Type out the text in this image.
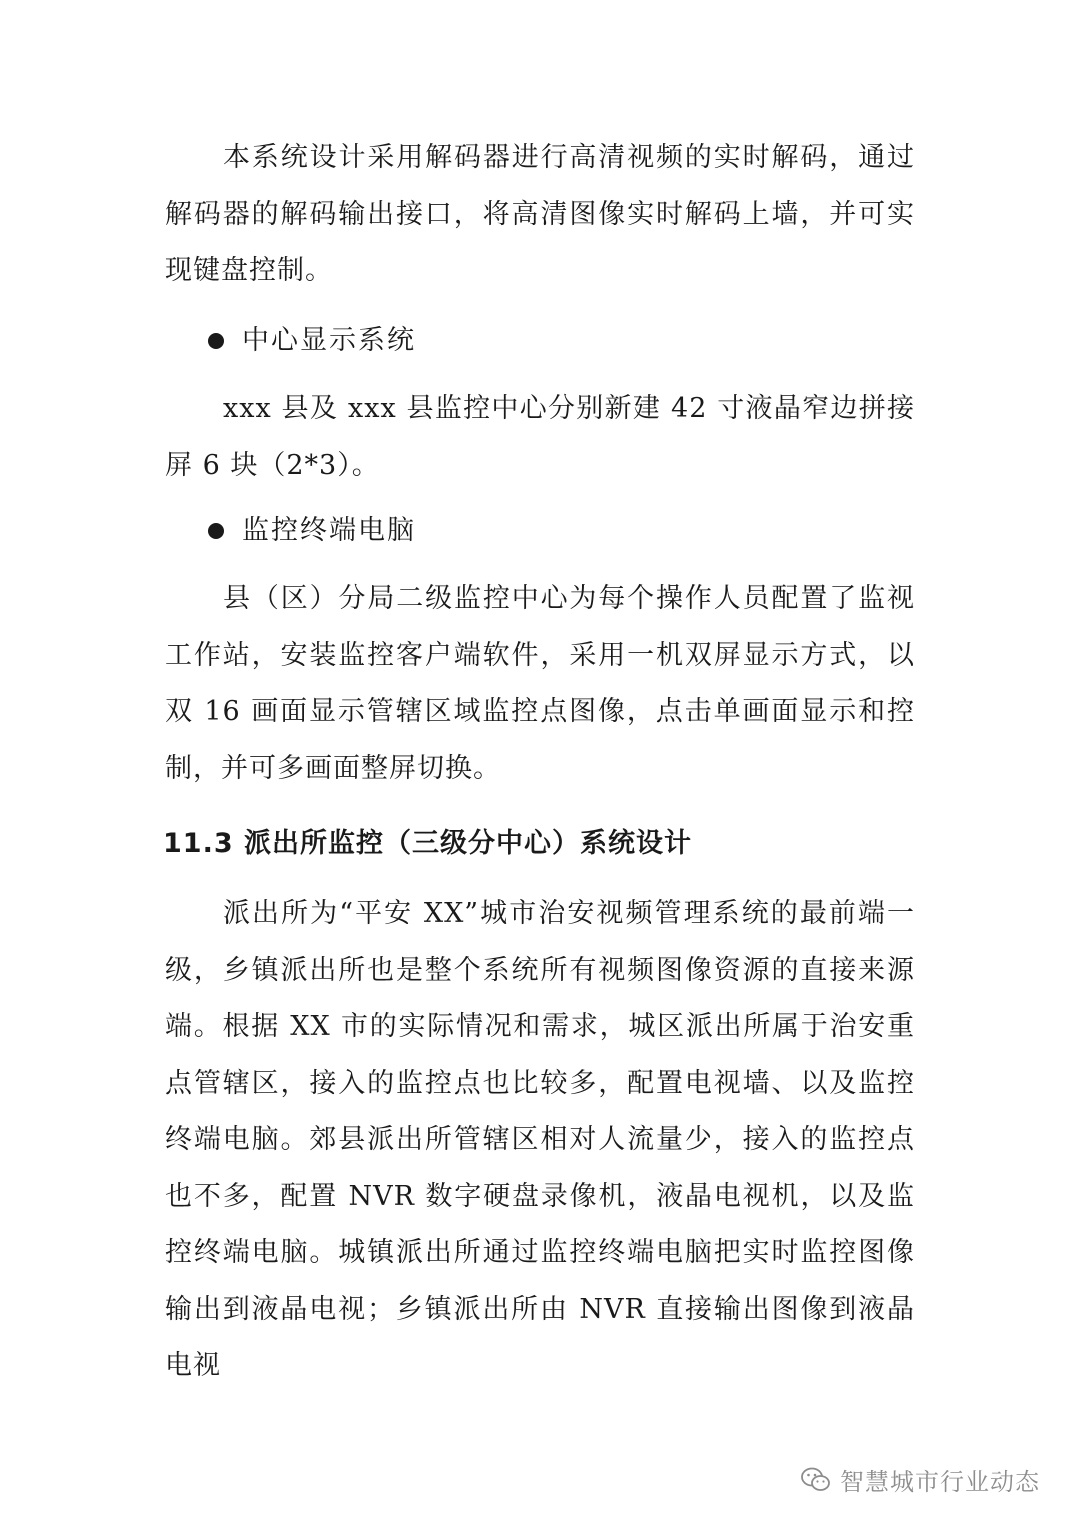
本系统设计采用解码器进行高清视频的实时解码，通过解码器的解码输出接口，将高清图像实时解码上墙，并可实现键盘控制。

中心显示系统

xxx 县及 xxx 县监控中心分别新建 42 寸液晶窄边拼接屏 6 块（2*3）。

监控终端电脑

县（区）分局二级监控中心为每个操作人员配置了监视工作站，安装监控客户端软件，采用一机双屏显示方式，以双 16 画面显示管辖区域监控点图像，点击单画面显示和控制，并可多画面整屏切换。

11.3 派出所监控（三级分中心）系统设计

派出所为“平安 XX”城市治安视频管理系统的最前端一级，乡镇派出所也是整个系统所有视频图像资源的直接来源端。根据 XX 市的实际情况和需求，城区派出所属于治安重点管辖区，接入的监控点也比较多，配置电视墙、以及监控终端电脑。郊县派出所管辖区相对人流量少，接入的监控点也不多，配置 NVR 数字硬盘录像机，液晶电视机，以及监控终端电脑。城镇派出所通过监控终端电脑把实时监控图像输出到液晶电视；乡镇派出所由 NVR 直接输出图像到液晶电视

智慧城市行业动态
